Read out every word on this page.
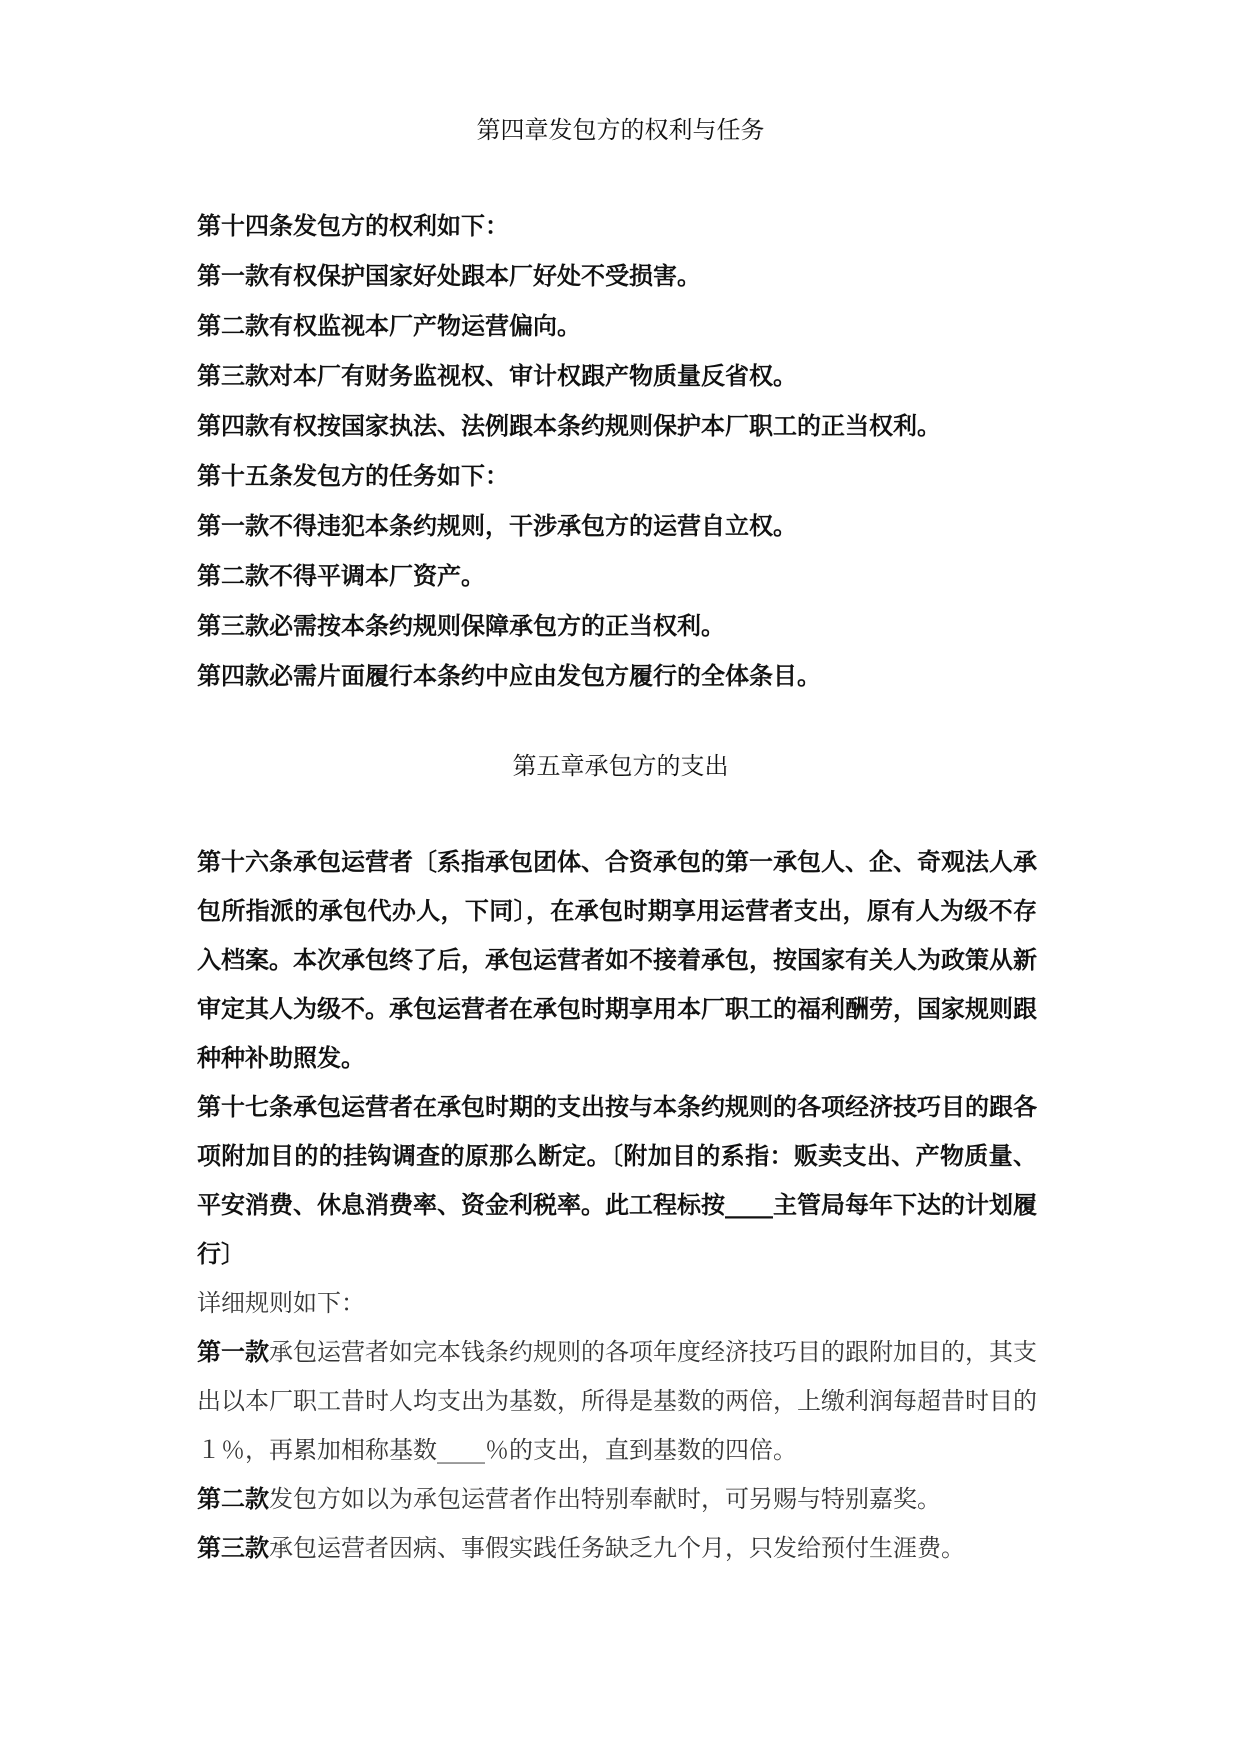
第四章发包方的权利与任务
第十四条发包方的权利如下：
第一款有权保护国家好处跟本厂好处不受损害。
第二款有权监视本厂产物运营偏向。
第三款对本厂有财务监视权、审计权跟产物质量反省权。
第四款有权按国家执法、法例跟本条约规则保护本厂职工的正当权利。
第十五条发包方的任务如下：
第一款不得违犯本条约规则，干涉承包方的运营自立权。
第二款不得平调本厂资产。
第三款必需按本条约规则保障承包方的正当权利。
第四款必需片面履行本条约中应由发包方履行的全体条目。
第五章承包方的支出

第十六条承包运营者〔系指承包团体、合资承包的第一承包人、企、奇观法人承包所指派的承包代办人，下同〕，在承包时期享用运营者支出，原有人为级不存入档案。本次承包终了后，承包运营者如不接着承包，按国家有关人为政策从新审定其人为级不。承包运营者在承包时期享用本厂职工的福利酬劳，国家规则跟种种补助照发。

第十七条承包运营者在承包时期的支出按与本条约规则的各项经济技巧目的跟各项附加目的的挂钩调查的原那么断定。〔附加目的系指：贩卖支出、产物质量、平安消费、休息消费率、资金利税率。此工程标按____主管局每年下达的计划履行〕

详细规则如下：

第一款承包运营者如完本钱条约规则的各项年度经济技巧目的跟附加目的，其支出以本厂职工昔时人均支出为基数，所得是基数的两倍，上缴利润每超昔时目的１％，再累加相称基数____％的支出，直到基数的四倍。

第二款发包方如以为承包运营者作出特别奉献时，可另赐与特别嘉奖。

第三款承包运营者因病、事假实践任务缺乏九个月，只发给预付生涯费。
